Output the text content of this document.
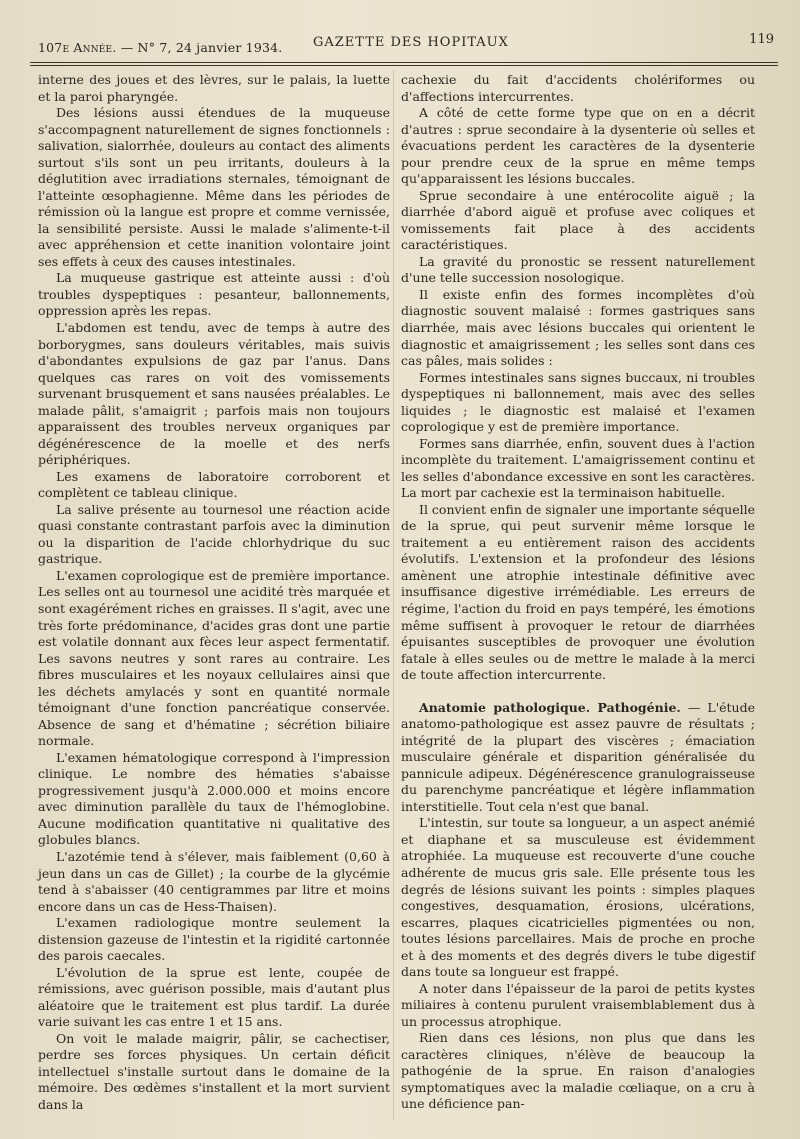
107e Année. — N° 7, 24 janvier 1934. GAZETTE DES HOPITAUX	119

interne des joues et des lèvres, sur le palais, la luette et la paroi pharyngée.

Des lésions aussi étendues de la muqueuse s'accompagnent naturellement de signes fonctionnels : salivation, sialorrhée, douleurs au contact des aliments surtout s'ils sont un peu irritants, douleurs à la déglutition avec irradiations sternales, témoignant de l'atteinte œsophagienne. Même dans les périodes de rémission où la langue est propre et comme vernissée, la sensibilité persiste. Aussi le malade s'alimente-t-il avec appréhension et cette inanition volontaire joint ses effets à ceux des causes intestinales.

La muqueuse gastrique est atteinte aussi : d'où troubles dyspeptiques : pesanteur, ballonnements, oppression après les repas.

L'abdomen est tendu, avec de temps à autre des borborygmes, sans douleurs véritables, mais suivis d'abondantes expulsions de gaz par l'anus. Dans quelques cas rares on voit des vomissements survenant brusquement et sans nausées préalables. Le malade pâlit, s'amaigrit ; parfois mais non toujours apparaissent des troubles nerveux organiques par dégénérescence de la moelle et des nerfs périphériques.

Les examens de laboratoire corroborent et complètent ce tableau clinique.

La salive présente au tournesol une réaction acide quasi constante contrastant parfois avec la diminution ou la disparition de l'acide chlorhydrique du suc gastrique.

L'examen coprologique est de première importance. Les selles ont au tournesol une acidité très marquée et sont exagérément riches en graisses. Il s'agit, avec une très forte prédominance, d'acides gras dont une partie est volatile donnant aux fèces leur aspect fermentatif. Les savons neutres y sont rares au contraire. Les fibres musculaires et les noyaux cellulaires ainsi que les déchets amylacés y sont en quantité normale témoignant d'une fonction pancréatique conservée. Absence de sang et d'hématine ; sécrétion biliaire normale.

L'examen hématologique correspond à l'impression clinique. Le nombre des hématies s'abaisse progressivement jusqu'à 2.000.000 et moins encore avec diminution parallèle du taux de l'hémoglobine. Aucune modification quantitative ni qualitative des globules blancs.

L'azotémie tend à s'élever, mais faiblement (0,60 à jeun dans un cas de Gillet) ; la courbe de la glycémie tend à s'abaisser (40 centigrammes par litre et moins encore dans un cas de Hess-Thaisen).

L'examen radiologique montre seulement la distension gazeuse de l'intestin et la rigidité cartonnée des parois caecales.

L'évolution de la sprue est lente, coupée de rémissions, avec guérison possible, mais d'autant plus aléatoire que le traitement est plus tardif. La durée varie suivant les cas entre 1 et 15 ans.

On voit le malade maigrir, pâlir, se cachectiser, perdre ses forces physiques. Un certain déficit intellectuel s'installe surtout dans le domaine de la mémoire. Des œdèmes s'installent et la mort survient dans la

cachexie du fait d'accidents cholériformes ou d'affections intercurrentes.

A côté de cette forme type que on en a décrit d'autres : sprue secondaire à la dysenterie où selles et évacuations perdent les caractères de la dysenterie pour prendre ceux de la sprue en même temps qu'apparaissent les lésions buccales.

Sprue secondaire à une entérocolite aiguë ; la diarrhée d'abord aiguë et profuse avec coliques et vomissements fait place à des accidents caractéristiques.

La gravité du pronostic se ressent naturellement d'une telle succession nosologique.

Il existe enfin des formes incomplètes d'où diagnostic souvent malaisé : formes gastriques sans diarrhée, mais avec lésions buccales qui orientent le diagnostic et amaigrissement ; les selles sont dans ces cas pâles, mais solides :

Formes intestinales sans signes buccaux, ni troubles dyspeptiques ni ballonnement, mais avec des selles liquides ; le diagnostic est malaisé et l'examen coprologique y est de première importance.

Formes sans diarrhée, enfin, souvent dues à l'action incomplète du traitement. L'amaigrissement continu et les selles d'abondance excessive en sont les caractères. La mort par cachexie est la terminaison habituelle.

Il convient enfin de signaler une importante séquelle de la sprue, qui peut survenir même lorsque le traitement a eu entièrement raison des accidents évolutifs. L'extension et la profondeur des lésions amènent une atrophie intestinale définitive avec insuffisance digestive irrémédiable. Les erreurs de régime, l'action du froid en pays tempéré, les émotions même suffisent à provoquer le retour de diarrhées épuisantes susceptibles de provoquer une évolution fatale à elles seules ou de mettre le malade à la merci de toute affection intercurrente.

Anatomie pathologique. Pathogénie. — L'étude anatomo-pathologique est assez pauvre de résultats ; intégrité de la plupart des viscères ; émaciation musculaire générale et disparition généralisée du pannicule adipeux. Dégénérescence granulograisseuse du parenchyme pancréatique et légère inflammation interstitielle. Tout cela n'est que banal.

L'intestin, sur toute sa longueur, a un aspect anémié et diaphane et sa musculeuse est évidemment atrophiée. La muqueuse est recouverte d'une couche adhérente de mucus gris sale. Elle présente tous les degrés de lésions suivant les points : simples plaques congestives, desquamation, érosions, ulcérations, escarres, plaques cicatricielles pigmentées ou non, toutes lésions parcellaires. Mais de proche en proche et à des moments et des degrés divers le tube digestif dans toute sa longueur est frappé.

A noter dans l'épaisseur de la paroi de petits kystes miliaires à contenu purulent vraisemblablement dus à un processus atrophique.

Rien dans ces lésions, non plus que dans les caractères cliniques, n'élève de beaucoup la pathogénie de la sprue. En raison d'analogies symptomatiques avec la maladie cœliaque, on a cru à une déficience pan-
